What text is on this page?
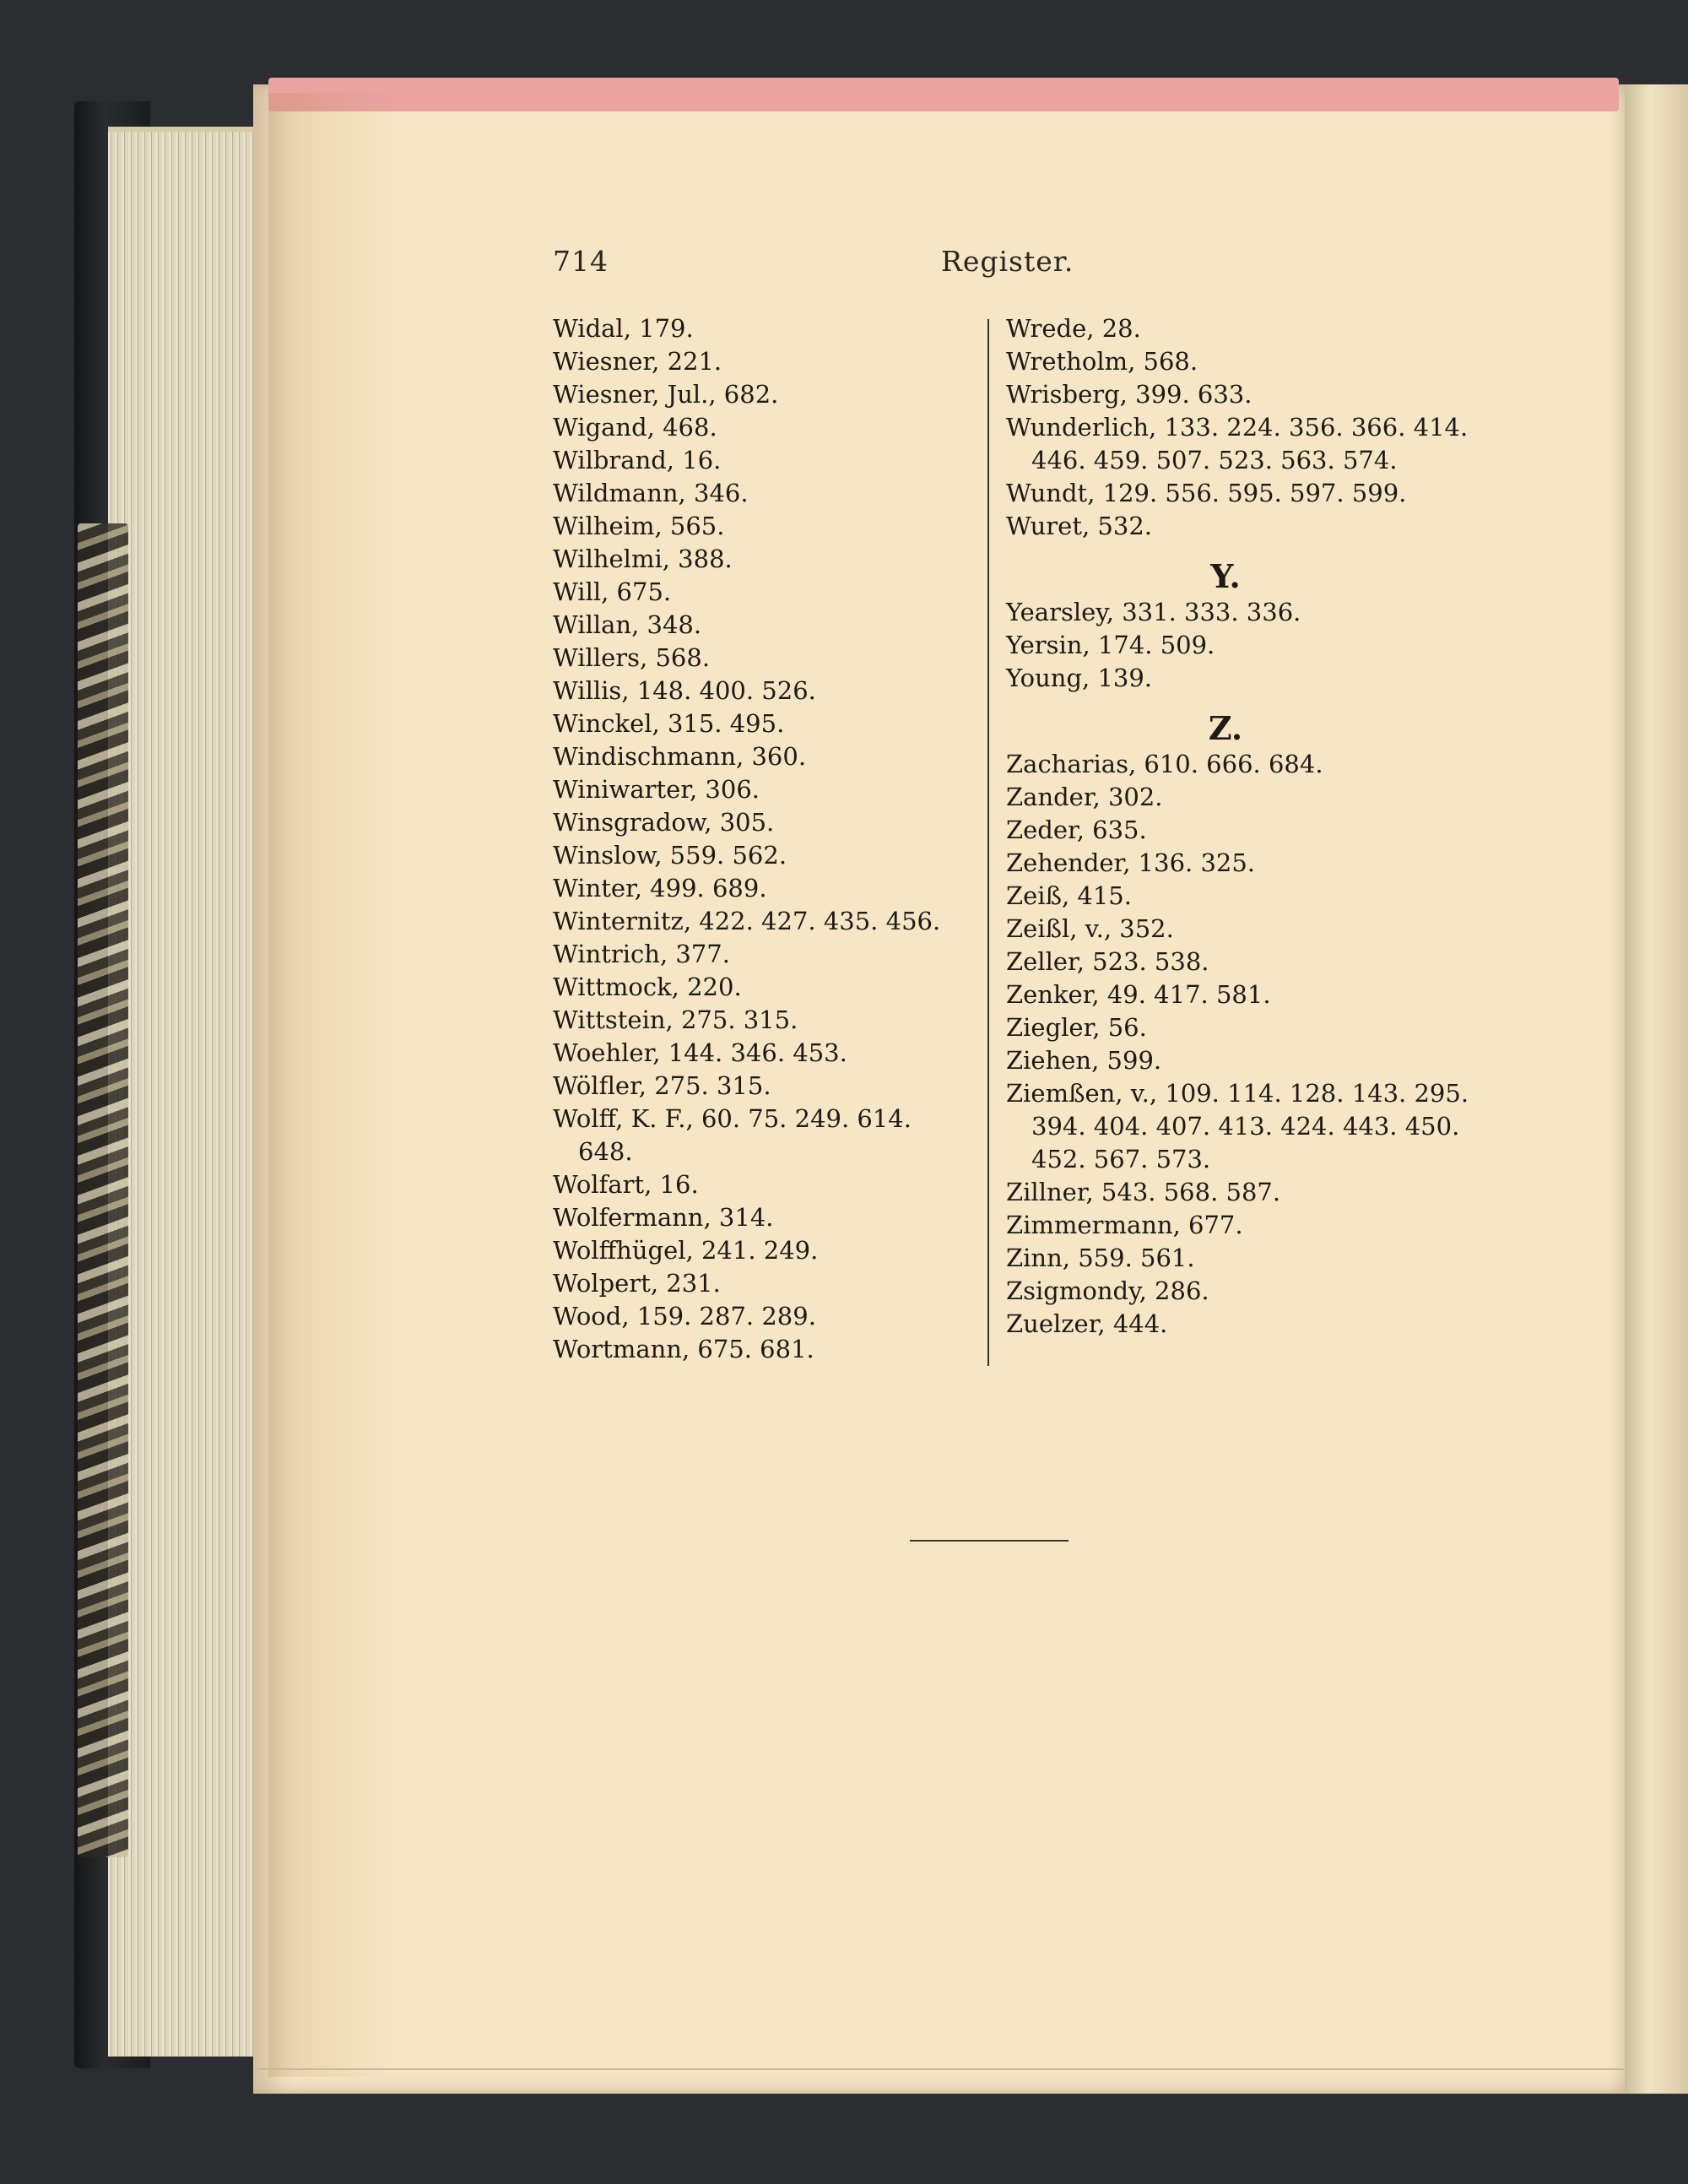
714	Register.
Widal, 179.
Wiesner, 221.
Wiesner, Jul., 682.
Wigand, 468.
Wilbrand, 16.
Wildmann, 346.
Wilheim, 565.
Wilhelmi, 388.
Will, 675.
Willan, 348.
Willers, 568.
Willis, 148. 400. 526.
Winckel, 315. 495.
Windischmann, 360.
Winiwarter, 306.
Winsgradow, 305.
Winslow, 559. 562.
Winter, 499. 689.
Winternitz, 422. 427. 435. 456.
Wintrich, 377.
Wittmock, 220.
Wittstein, 275. 315.
Woehler, 144. 346. 453.
Wölfler, 275. 315.
Wolff, K. F., 60. 75. 249. 614.
648.
Wolfart, 16.
Wolfermann, 314.
Wolffhügel, 241. 249.
Wolpert, 231.
Wood, 159. 287. 289.
Wortmann, 675. 681.
Wrede, 28.
Wretholm, 568.
Wrisberg, 399. 633.
Wunderlich, 133. 224. 356. 366. 414.
446. 459. 507. 523. 563. 574.
Wundt, 129. 556. 595. 597. 599.
Wuret, 532.
Y.
Yearsley, 331. 333. 336.
Yersin, 174. 509.
Young, 139.
Z.
Zacharias, 610. 666. 684.
Zander, 302.
Zeder, 635.
Zehender, 136. 325.
Zeiß, 415.
Zeißl, v., 352.
Zeller, 523. 538.
Zenker, 49. 417. 581.
Ziegler, 56.
Ziehen, 599.
Ziemßen, v., 109. 114. 128. 143. 295.
394. 404. 407. 413. 424. 443. 450.
452. 567. 573.
Zillner, 543. 568. 587.
Zimmermann, 677.
Zinn, 559. 561.
Zsigmondy, 286.
Zuelzer, 444.
